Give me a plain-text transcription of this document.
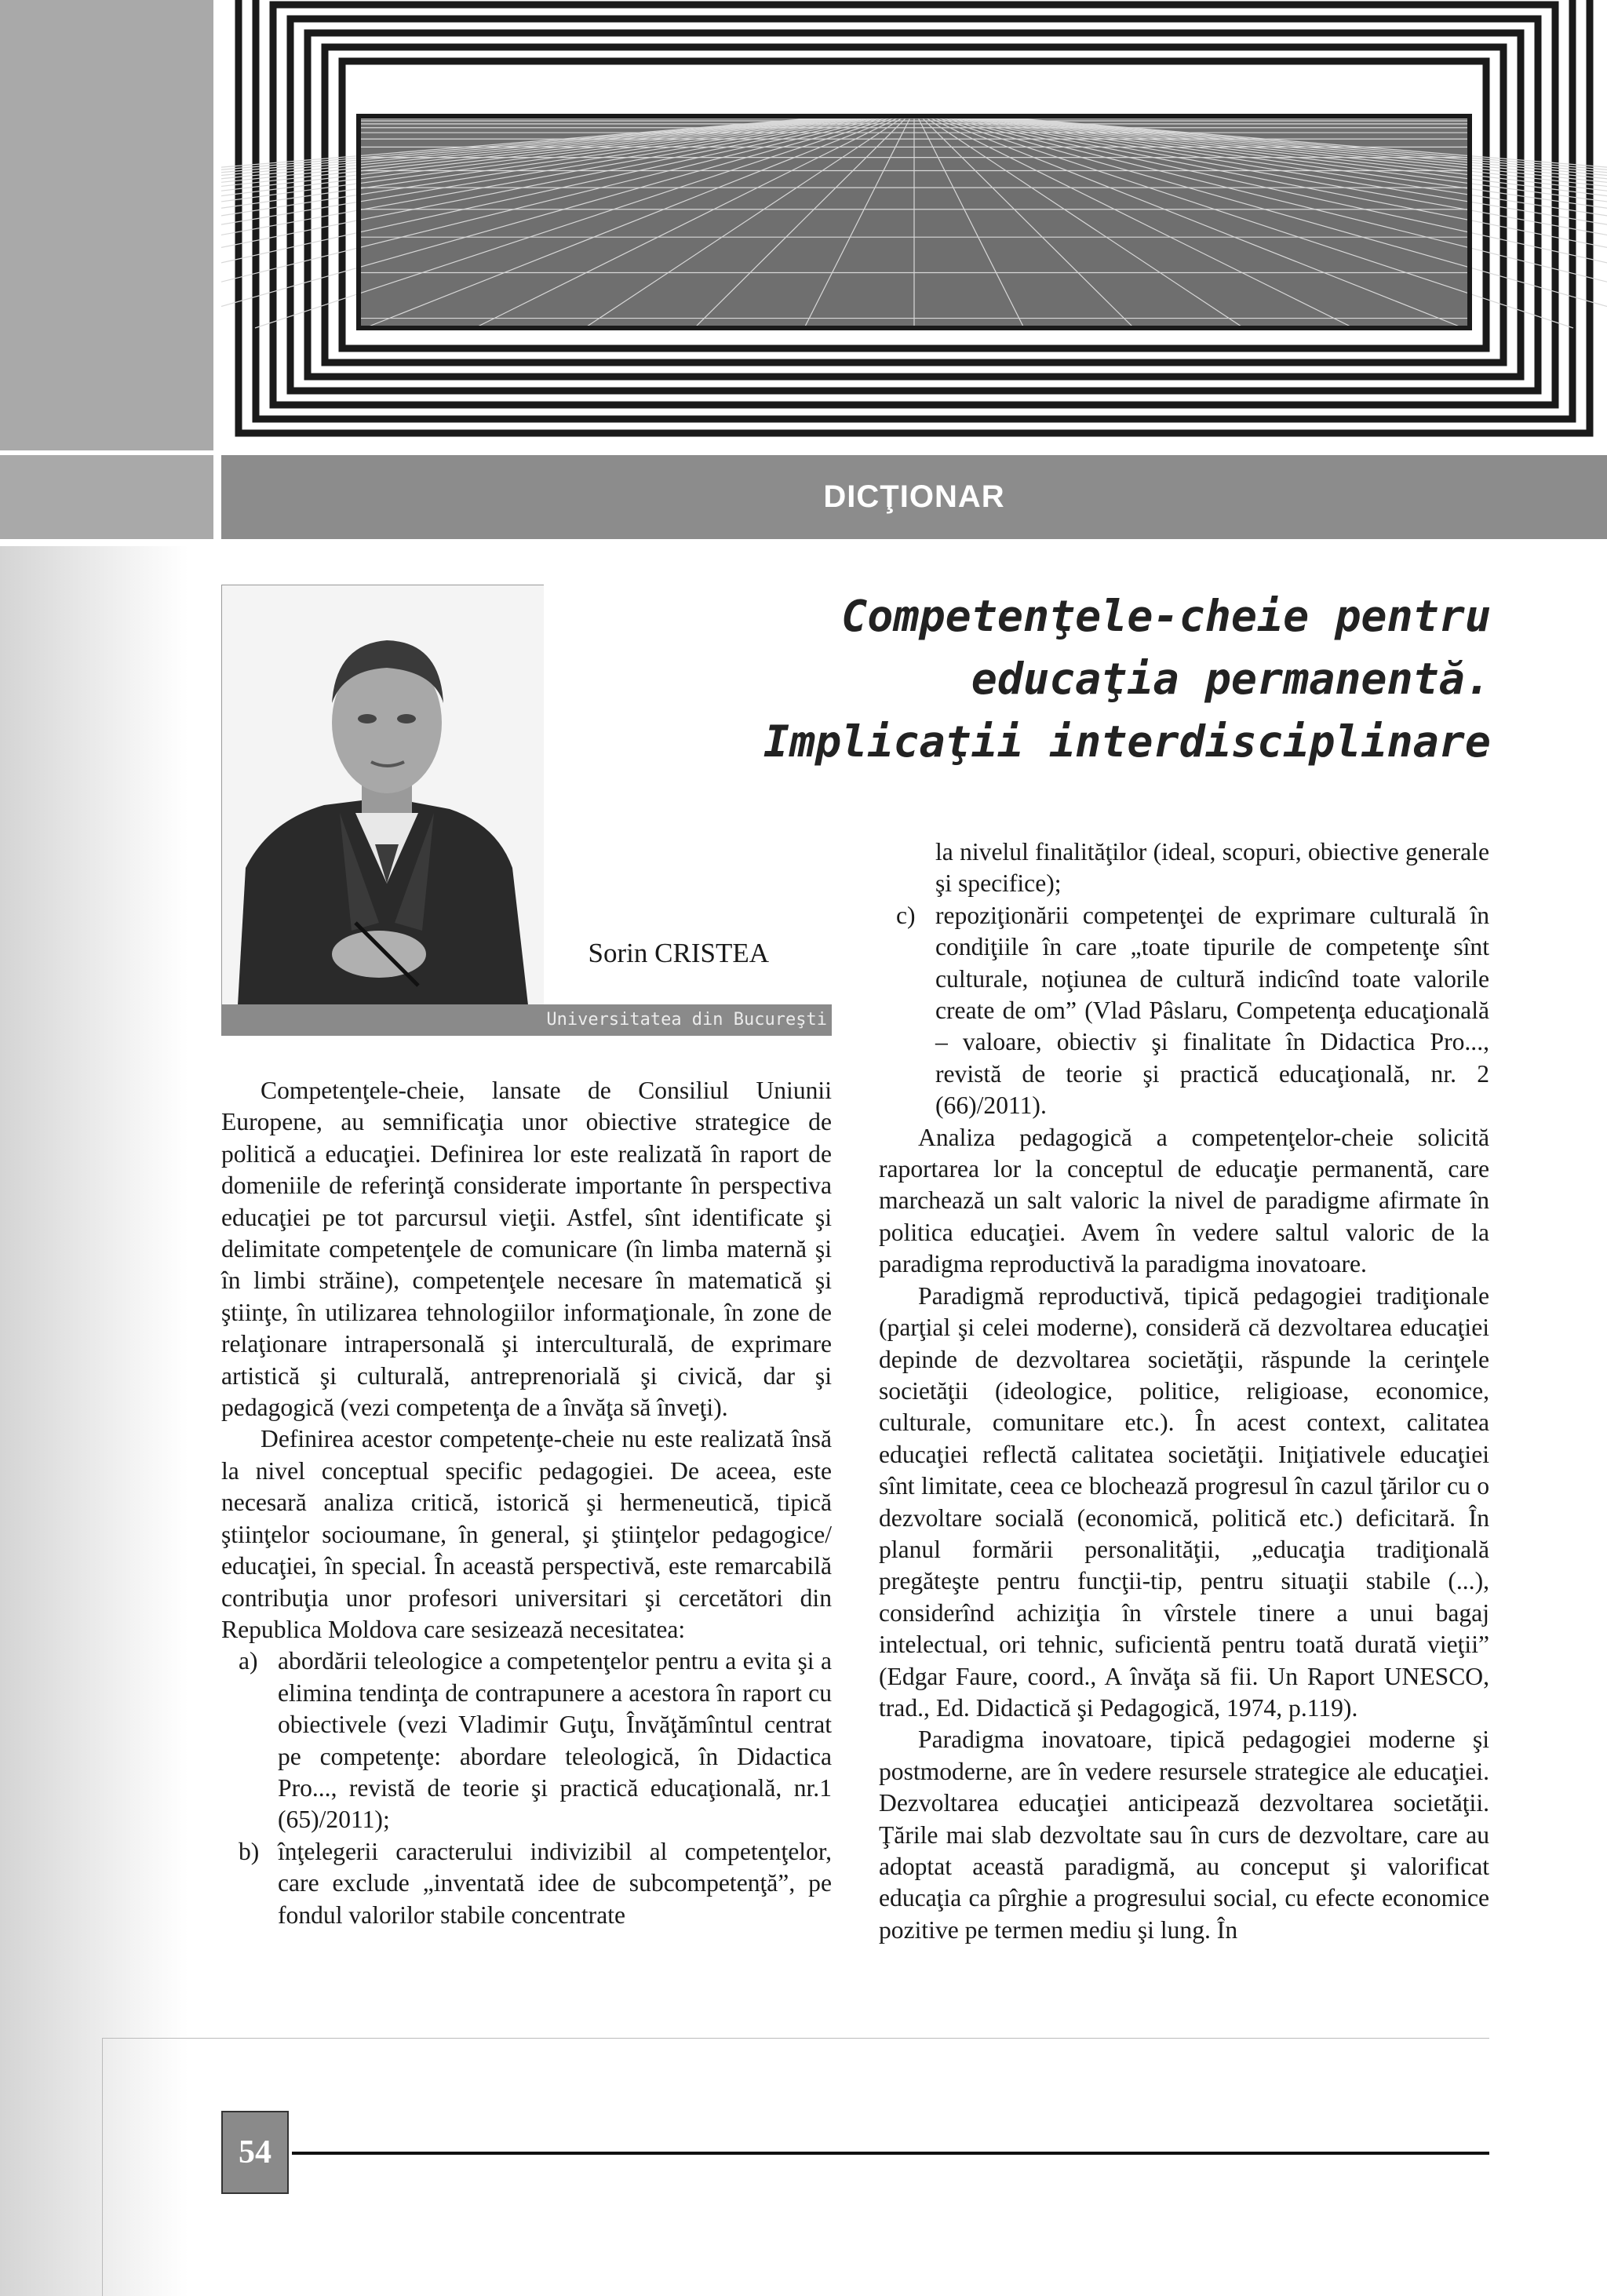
DICŢIONAR
Competenţele-cheie pentru
educaţia permanentă.
Implicaţii interdisciplinare
Sorin CRISTEA
Universitatea din Bucureşti

Competenţele-cheie, lansate de Consiliul Uniunii Europene, au semnificaţia unor obiective strategice de politică a educaţiei. Definirea lor este realizată în raport de domeniile de referinţă considerate importante în perspectiva educaţiei pe tot parcursul vieţii. Astfel, sînt identificate şi delimitate competenţele de comunicare (în limba maternă şi în limbi străine), competenţele necesare în matematică şi ştiinţe, în utilizarea tehnologiilor informaţionale, în zone de relaţionare intrapersonală şi interculturală, de exprimare artistică şi culturală, antreprenorială şi civică, dar şi pedagogică (vezi competenţa de a învăţa să înveţi).

Definirea acestor competenţe-cheie nu este realizată însă la nivel conceptual specific pedagogiei. De aceea, este necesară analiza critică, istorică şi hermeneutică, tipică ştiinţelor socioumane, în general, şi ştiinţelor pedagogice/ educaţiei, în special. În această perspectivă, este remarcabilă contribuţia unor profesori universitari şi cercetători din Republica Moldova care sesizează necesitatea:

a) abordării teleologice a competenţelor pentru a evita şi a elimina tendinţa de contrapunere a acestora în raport cu obiectivele (vezi Vladimir Guţu, Învăţămîntul centrat pe competenţe: abordare teleologică, în Didactica Pro..., revistă de teorie şi practică educaţională, nr.1 (65)/2011);
b) înţelegerii caracterului indivizibil al competenţelor, care exclude „inventată idee de subcompetenţă”, pe fondul valorilor stabile concentrate
la nivelul finalităţilor (ideal, scopuri, obiective generale şi specifice);
c) repoziţionării competenţei de exprimare culturală în condiţiile în care „toate tipurile de competenţe sînt culturale, noţiunea de cultură indicînd toate valorile create de om” (Vlad Pâslaru, Competenţa educaţională – valoare, obiectiv şi finalitate în Didactica Pro..., revistă de teorie şi practică educaţională, nr. 2 (66)/2011).

Analiza pedagogică a competenţelor-cheie solicită raportarea lor la conceptul de educaţie permanentă, care marchează un salt valoric la nivel de paradigme afirmate în politica educaţiei. Avem în vedere saltul valoric de la paradigma reproductivă la paradigma inovatoare.

Paradigmă reproductivă, tipică pedagogiei tradiţionale (parţial şi celei moderne), consideră că dezvoltarea educaţiei depinde de dezvoltarea societăţii, răspunde la cerinţele societăţii (ideologice, politice, religioase, economice, culturale, comunitare etc.). În acest context, calitatea educaţiei reflectă calitatea societăţii. Iniţiativele educaţiei sînt limitate, ceea ce blochează progresul în cazul ţărilor cu o dezvoltare socială (economică, politică etc.) deficitară. În planul formării personalităţii, „educaţia tradiţională pregăteşte pentru funcţii-tip, pentru situaţii stabile (...), considerînd achiziţia în vîrstele tinere a unui bagaj intelectual, ori tehnic, suficientă pentru toată durată vieţii” (Edgar Faure, coord., A învăţa să fii. Un Raport UNESCO, trad., Ed. Didactică şi Pedagogică, 1974, p.119).

Paradigma inovatoare, tipică pedagogiei moderne şi postmoderne, are în vedere resursele strategice ale educaţiei. Dezvoltarea educaţiei anticipează dezvoltarea societăţii. Ţările mai slab dezvoltate sau în curs de dezvoltare, care au adoptat această paradigmă, au conceput şi valorificat educaţia ca pîrghie a progresului social, cu efecte economice pozitive pe termen mediu şi lung. În

54
